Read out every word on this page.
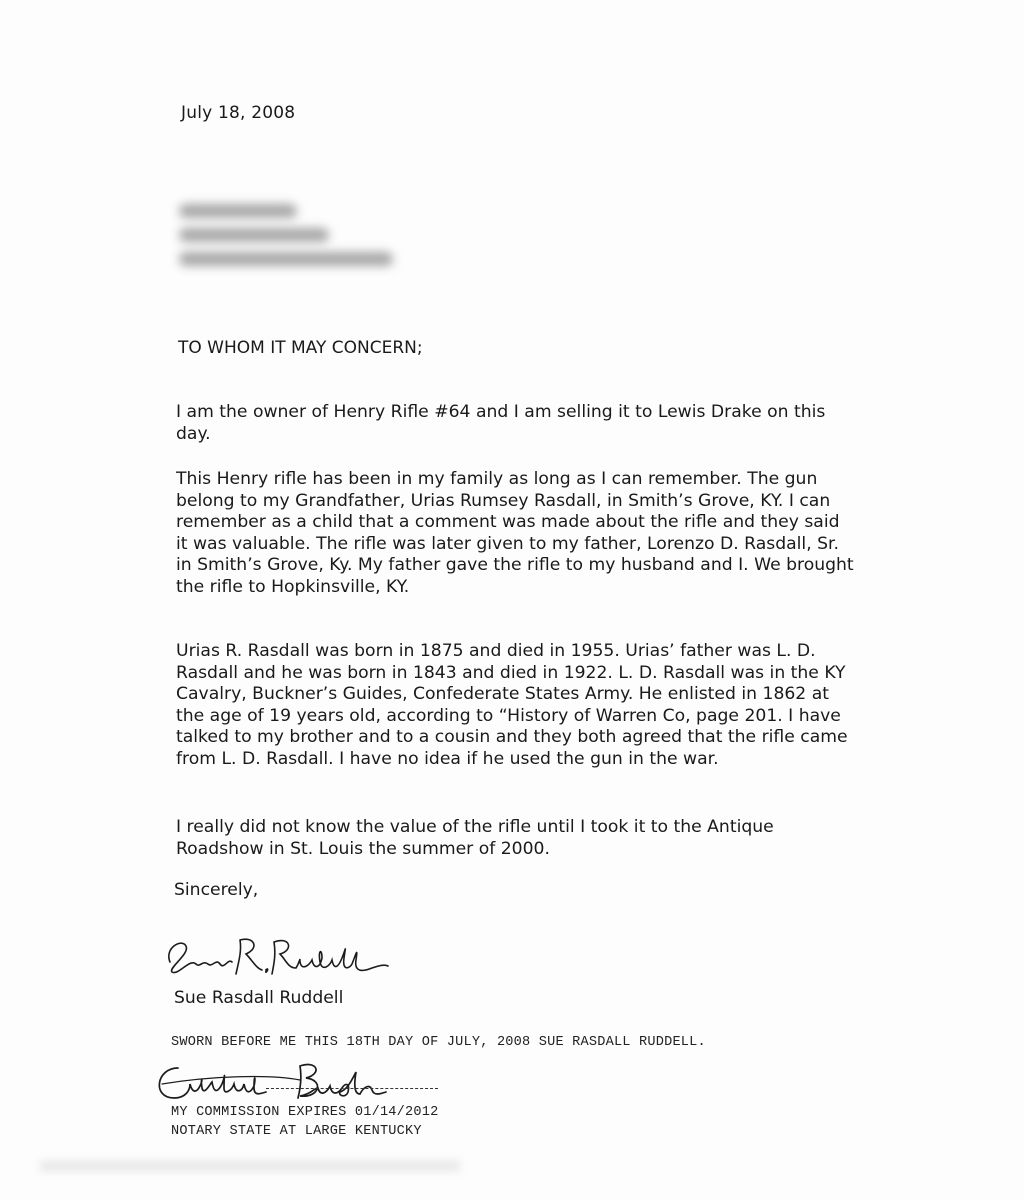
July 18, 2008
TO WHOM IT MAY CONCERN;
I am the owner of Henry Rifle #64 and I am selling it to Lewis Drake on this day.
This Henry rifle has been in my family as long as I can remember. The gun belong to my Grandfather, Urias Rumsey Rasdall, in Smith’s Grove, KY. I can remember as a child that a comment was made about the rifle and they said it was valuable. The rifle was later given to my father, Lorenzo D. Rasdall, Sr. in Smith’s Grove, Ky. My father gave the rifle to my husband and I. We brought the rifle to Hopkinsville, KY.
Urias R. Rasdall was born in 1875 and died in 1955. Urias’ father was L. D. Rasdall and he was born in 1843 and died in 1922. L. D. Rasdall was in the KY Cavalry, Buckner’s Guides, Confederate States Army. He enlisted in 1862 at the age of 19 years old, according to “History of Warren Co, page 201. I have talked to my brother and to a cousin and they both agreed that the rifle came from L. D. Rasdall. I have no idea if he used the gun in the war.
I really did not know the value of the rifle until I took it to the Antique Roadshow in St. Louis the summer of 2000.
Sincerely,
Sue Rasdall Ruddell
SWORN BEFORE ME THIS 18TH DAY OF JULY, 2008 SUE RASDALL RUDDELL.
MY COMMISSION EXPIRES 01/14/2012
NOTARY STATE AT LARGE KENTUCKY
